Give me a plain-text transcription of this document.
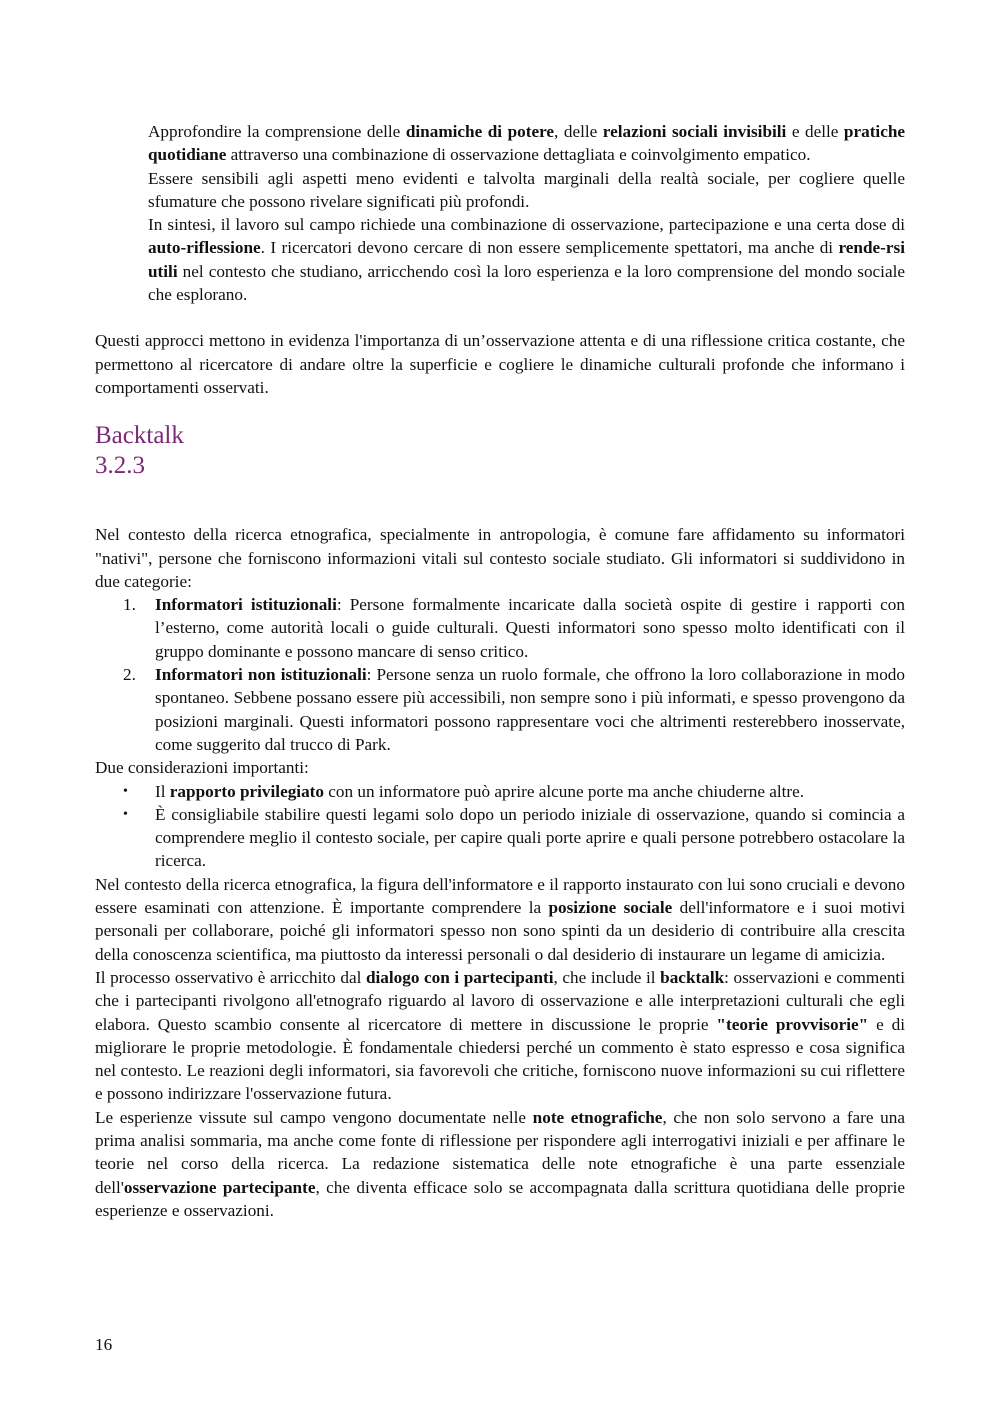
Approfondire la comprensione delle dinamiche di potere, delle relazioni sociali invisibili e delle pratiche quotidiane attraverso una combinazione di osservazione dettagliata e coinvolgimento empatico.

Essere sensibili agli aspetti meno evidenti e talvolta marginali della realtà sociale, per cogliere quelle sfumature che possono rivelare significati più profondi.

In sintesi, il lavoro sul campo richiede una combinazione di osservazione, partecipazione e una certa dose di auto-riflessione. I ricercatori devono cercare di non essere semplicemente spettatori, ma anche di rende-rsi utili nel contesto che studiano, arricchendo così la loro esperienza e la loro comprensione del mondo sociale che esplorano.

Questi approcci mettono in evidenza l'importanza di un’osservazione attenta e di una riflessione critica costante, che permettono al ricercatore di andare oltre la superficie e cogliere le dinamiche culturali profonde che informano i comportamenti osservati.

Backtalk
3.2.3

Nel contesto della ricerca etnografica, specialmente in antropologia, è comune fare affidamento su informatori "nativi", persone che forniscono informazioni vitali sul contesto sociale studiato. Gli informatori si suddividono in due categorie:

1. Informatori istituzionali: Persone formalmente incaricate dalla società ospite di gestire i rapporti con l’esterno, come autorità locali o guide culturali. Questi informatori sono spesso molto identificati con il gruppo dominante e possono mancare di senso critico.

2. Informatori non istituzionali: Persone senza un ruolo formale, che offrono la loro collaborazione in modo spontaneo. Sebbene possano essere più accessibili, non sempre sono i più informati, e spesso provengono da posizioni marginali. Questi informatori possono rappresentare voci che altrimenti resterebbero inosservate, come suggerito dal trucco di Park.

Due considerazioni importanti:

• Il rapporto privilegiato con un informatore può aprire alcune porte ma anche chiuderne altre.

• È consigliabile stabilire questi legami solo dopo un periodo iniziale di osservazione, quando si comincia a comprendere meglio il contesto sociale, per capire quali porte aprire e quali persone potrebbero ostacolare la ricerca.

Nel contesto della ricerca etnografica, la figura dell'informatore e il rapporto instaurato con lui sono cruciali e devono essere esaminati con attenzione. È importante comprendere la posizione sociale dell'informatore e i suoi motivi personali per collaborare, poiché gli informatori spesso non sono spinti da un desiderio di contribuire alla crescita della conoscenza scientifica, ma piuttosto da interessi personali o dal desiderio di instaurare un legame di amicizia.

Il processo osservativo è arricchito dal dialogo con i partecipanti, che include il backtalk: osservazioni e commenti che i partecipanti rivolgono all'etnografo riguardo al lavoro di osservazione e alle interpretazioni culturali che egli elabora. Questo scambio consente al ricercatore di mettere in discussione le proprie "teorie provvisorie" e di migliorare le proprie metodologie. È fondamentale chiedersi perché un commento è stato espresso e cosa significa nel contesto. Le reazioni degli informatori, sia favorevoli che critiche, forniscono nuove informazioni su cui riflettere e possono indirizzare l'osservazione futura.

Le esperienze vissute sul campo vengono documentate nelle note etnografiche, che non solo servono a fare una prima analisi sommaria, ma anche come fonte di riflessione per rispondere agli interrogativi iniziali e per affinare le teorie nel corso della ricerca. La redazione sistematica delle note etnografiche è una parte essenziale dell'osservazione partecipante, che diventa efficace solo se accompagnata dalla scrittura quotidiana delle proprie esperienze e osservazioni.

16
